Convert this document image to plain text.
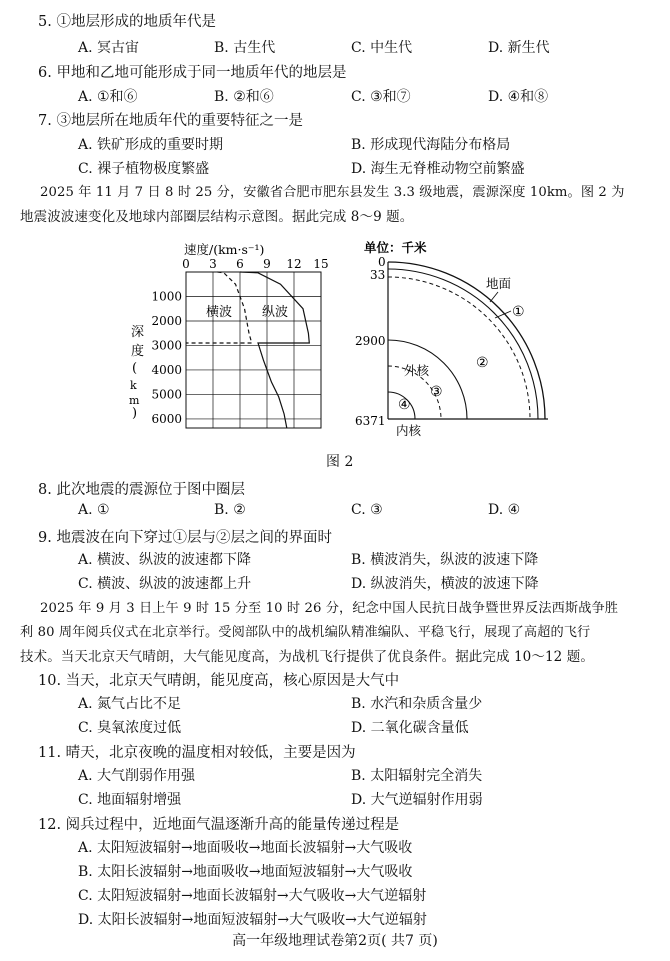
5. ①地层形成的地质年代是
A. 冥古宙	B. 古生代	C. 中生代	D. 新生代
6. 甲地和乙地可能形成于同一地质年代的地层是
A. ①和⑥	B. ②和⑥	C. ③和⑦	D. ④和⑧
7. ③地层所在地质年代的重要特征之一是
A. 铁矿形成的重要时期	B. 形成现代海陆分布格局
C. 裸子植物极度繁盛	D. 海生无脊椎动物空前繁盛
2025 年 11 月 7 日 8 时 25 分，安徽省合肥市肥东县发生 3.3 级地震，震源深度 10km。图 2 为
地震波波速变化及地球内部圈层结构示意图。据此完成 8～9 题。
速度/(km·s⁻¹)
0 3 6 9 12 15
1000
2000
3000
4000
5000
6000
横波 纵波
深
度
(
k
m
)
单位：千米
0
33
2900
6371
地面
①
②
外核
③
④
内核
图 2
8. 此次地震的震源位于图中圈层
A. ①	B. ②	C. ③	D. ④
9. 地震波在向下穿过①层与②层之间的界面时
A. 横波、纵波的波速都下降	B. 横波消失，纵波的波速下降
C. 横波、纵波的波速都上升	D. 纵波消失，横波的波速下降
2025 年 9 月 3 日上午 9 时 15 分至 10 时 26 分，纪念中国人民抗日战争暨世界反法西斯战争胜
利 80 周年阅兵仪式在北京举行。受阅部队中的战机编队精准编队、平稳飞行，展现了高超的飞行
技术。当天北京天气晴朗，大气能见度高，为战机飞行提供了优良条件。据此完成 10～12 题。
10. 当天，北京天气晴朗，能见度高，核心原因是大气中
A. 氮气占比不足	B. 水汽和杂质含量少
C. 臭氧浓度过低	D. 二氧化碳含量低
11. 晴天，北京夜晚的温度相对较低，主要是因为
A. 大气削弱作用强	B. 太阳辐射完全消失
C. 地面辐射增强	D. 大气逆辐射作用弱
12. 阅兵过程中，近地面气温逐渐升高的能量传递过程是
A. 太阳短波辐射→地面吸收→地面长波辐射→大气吸收
B. 太阳长波辐射→地面吸收→地面短波辐射→大气吸收
C. 太阳短波辐射→地面长波辐射→大气吸收→大气逆辐射
D. 太阳长波辐射→地面短波辐射→大气吸收→大气逆辐射
高一年级地理试卷第2页( 共7 页)
